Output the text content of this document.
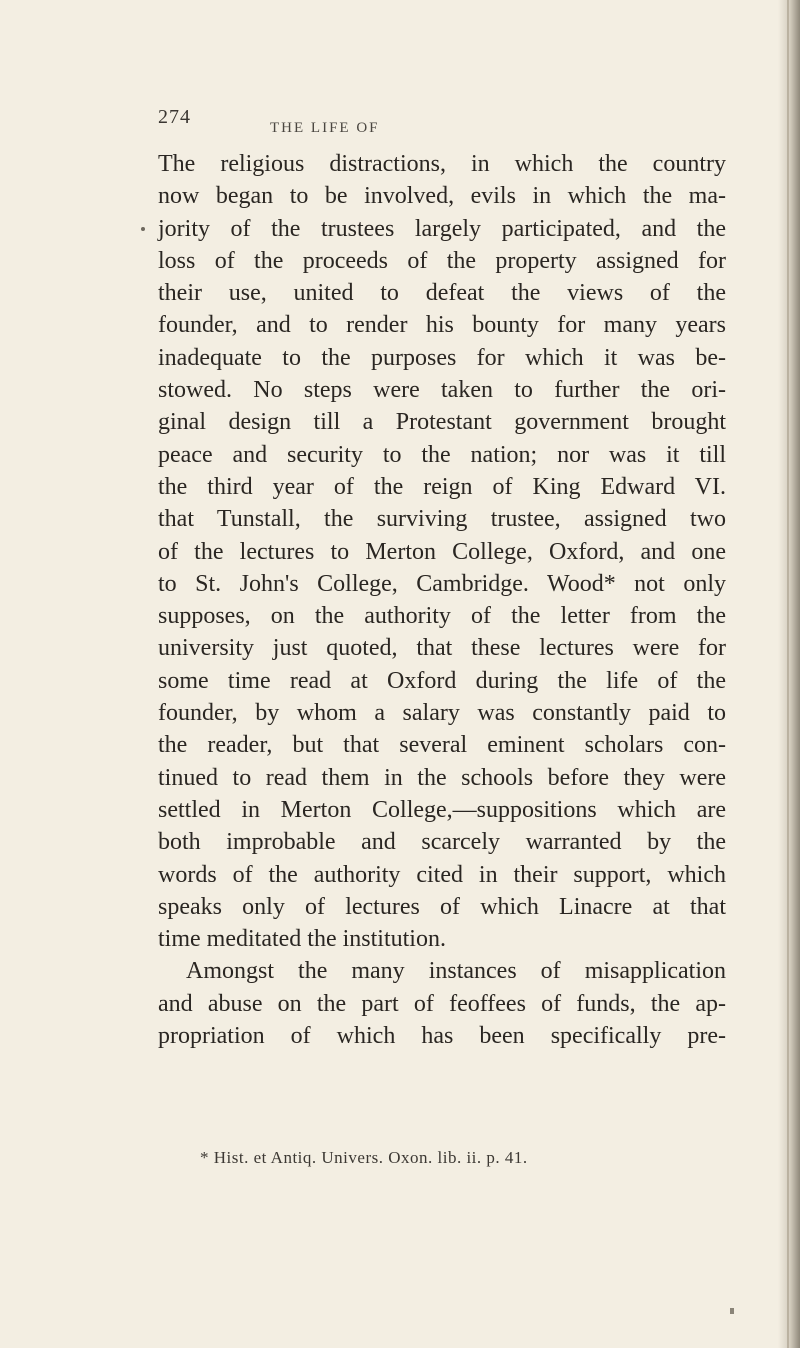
274	THE LIFE OF
The religious distractions, in which the country
now began to be involved, evils in which the ma-
jority of the trustees largely participated, and the
loss of the proceeds of the property assigned for
their use, united to defeat the views of the
founder, and to render his bounty for many years
inadequate to the purposes for which it was be-
stowed. No steps were taken to further the ori-
ginal design till a Protestant government brought
peace and security to the nation; nor was it till
the third year of the reign of King Edward VI.
that Tunstall, the surviving trustee, assigned two
of the lectures to Merton College, Oxford, and one
to St. John's College, Cambridge. Wood* not only
supposes, on the authority of the letter from the
university just quoted, that these lectures were for
some time read at Oxford during the life of the
founder, by whom a salary was constantly paid to
the reader, but that several eminent scholars con-
tinued to read them in the schools before they were
settled in Merton College,—suppositions which are
both improbable and scarcely warranted by the
words of the authority cited in their support, which
speaks only of lectures of which Linacre at that
time meditated the institution.
Amongst the many instances of misapplication
and abuse on the part of feoffees of funds, the ap-
propriation of which has been specifically pre-
* Hist. et Antiq. Univers. Oxon. lib. ii. p. 41.
